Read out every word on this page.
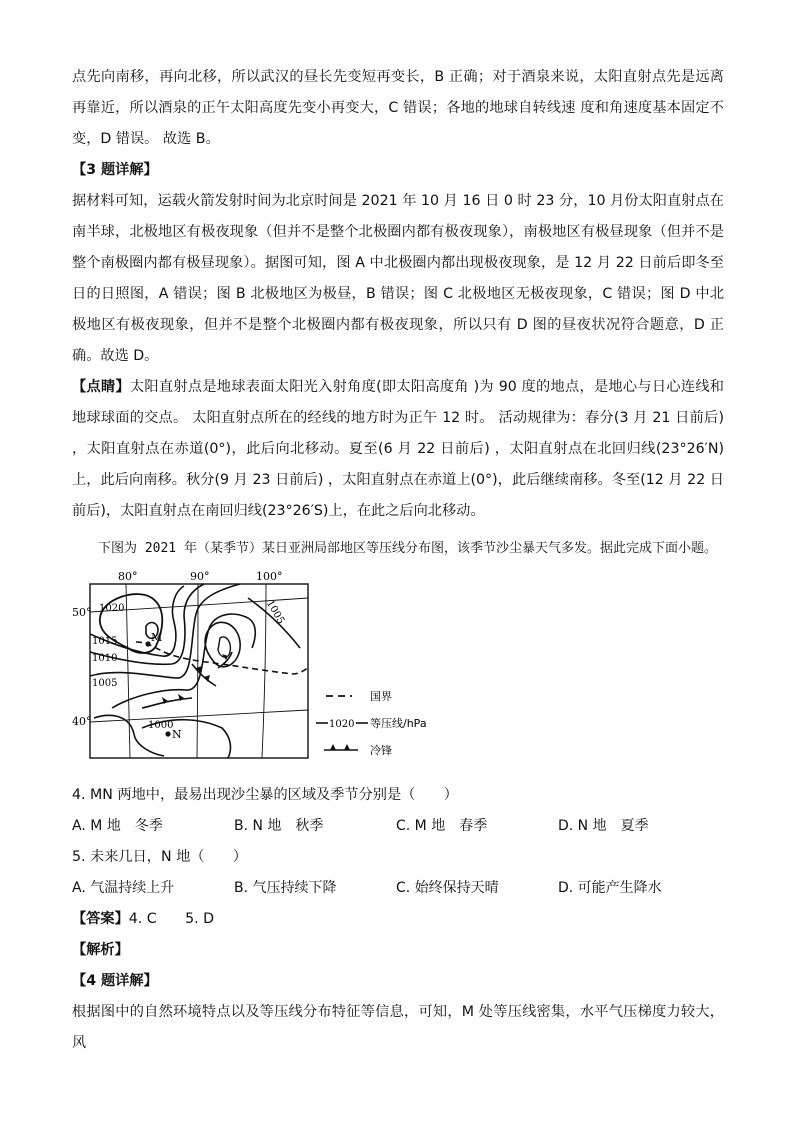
点先向南移，再向北移，所以武汉的昼长先变短再变长，B 正确；对于酒泉来说，太阳直射点先是远离再靠近，所以酒泉的正午太阳高度先变小再变大，C 错误；各地的地球自转线速 度和角速度基本固定不变，D 错误。 故选 B。

【3 题详解】

据材料可知，运载火箭发射时间为北京时间是 2021 年 10 月 16 日 0 时 23 分，10 月份太阳直射点在南半球，北极地区有极夜现象（但并不是整个北极圈内都有极夜现象），南极地区有极昼现象（但并不是整个南极圈内都有极昼现象）。据图可知，图 A 中北极圈内都出现极夜现象，是 12 月 22 日前后即冬至日的日照图，A 错误；图 B 北极地区为极昼，B 错误；图 C 北极地区无极夜现象，C 错误；图 D 中北极地区有极夜现象，但并不是整个北极圈内都有极夜现象，所以只有 D 图的昼夜状况符合题意，D 正确。故选 D。

【点睛】太阳直射点是地球表面太阳光入射角度(即太阳高度角 )为 90 度的地点，是地心与日心连线和地球球面的交点。 太阳直射点所在的经线的地方时为正午 12 时。 活动规律为：春分(3 月 21 日前后) ，太阳直射点在赤道(0°)，此后向北移动。夏至(6 月 22 日前后) ，太阳直射点在北回归线(23°26′N)上，此后向南移。秋分(9 月 23 日前后) ，太阳直射点在赤道上(0°)，此后继续南移。冬至(12 月 22 日前后)，太阳直射点在南回归线(23°26′S)上，在此之后向北移动。

下图为 2021 年（某季节）某日亚洲局部地区等压线分布图，该季节沙尘暴天气多发。据此完成下面小题。

80°	90°	100°
50°
40°
1020
1015
1010
1005
1005
1000
M
N
国界
1020 等压线/hPa
冷锋

4. MN 两地中，最易出现沙尘暴的区域及季节分别是（　　）

A. M 地　冬季	B. N 地　秋季	C. M 地　春季	D. N 地　夏季

5. 未来几日，N 地（　　）

A. 气温持续上升	B. 气压持续下降	C. 始终保持天晴	D. 可能产生降水

【答案】4. C　　5. D

【解析】

【4 题详解】

根据图中的自然环境特点以及等压线分布特征等信息，可知，M 处等压线密集，水平气压梯度力较大，风
